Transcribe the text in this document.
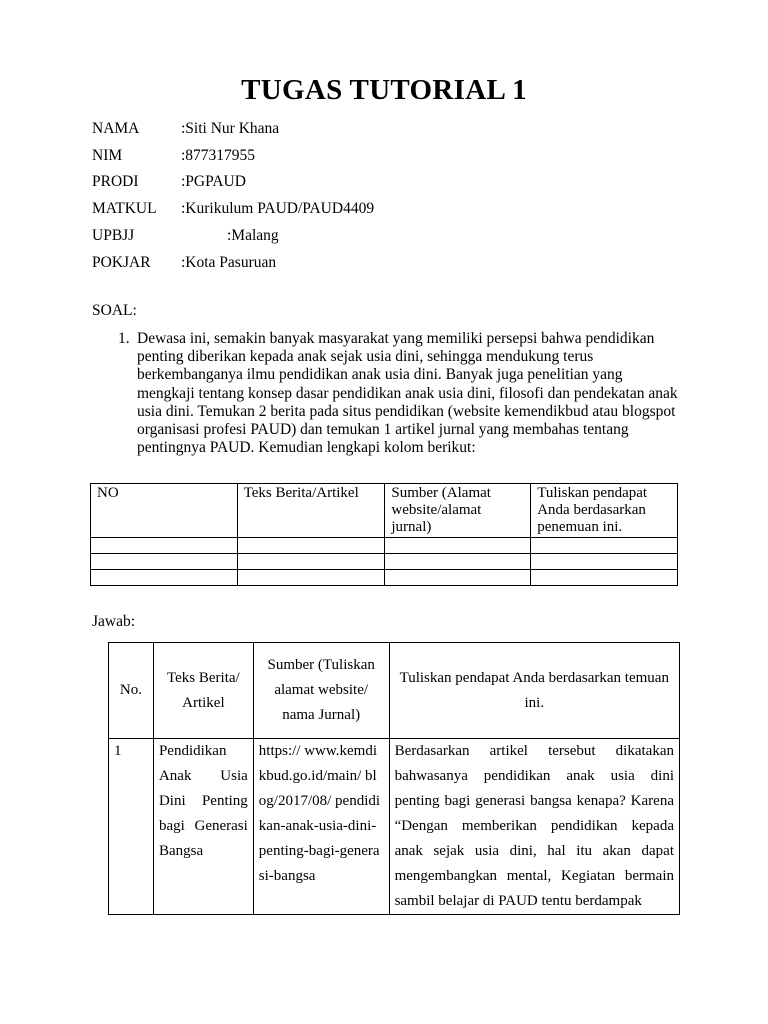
TUGAS TUTORIAL 1
NAMA	:Siti Nur Khana
NIM	:877317955
PRODI	:PGPAUD
MATKUL	:Kurikulum PAUD/PAUD4409
UPBJJ	:Malang
POKJAR	:Kota Pasuruan
SOAL:
1. Dewasa ini, semakin banyak masyarakat yang memiliki persepsi bahwa pendidikan penting diberikan kepada anak sejak usia dini, sehingga mendukung terus berkembanganya ilmu pendidikan anak usia dini. Banyak juga penelitian yang mengkaji tentang konsep dasar pendidikan anak usia dini, filosofi dan pendekatan anak usia dini. Temukan 2 berita pada situs pendidikan (website kemendikbud atau blogspot organisasi profesi PAUD) dan temukan 1 artikel jurnal yang membahas tentang pentingnya PAUD. Kemudian lengkapi kolom berikut:
NO	Teks Berita/Artikel	Sumber (Alamat website/alamat jurnal)	Tuliskan pendapat Anda berdasarkan penemuan ini.

Jawab:
No.	Teks Berita/ Artikel	Sumber (Tuliskan alamat website/ nama Jurnal)	Tuliskan pendapat Anda berdasarkan temuan ini.
1	Pendidikan Anak Usia Dini Penting bagi Generasi Bangsa	https:// www.kemdikbud.go.id/main/ blog/2017/08/ pendidikan-anak-usia-dini-penting-bagi-generasi-bangsa	Berdasarkan artikel tersebut dikatakan bahwasanya pendidikan anak usia dini penting bagi generasi bangsa kenapa? Karena “Dengan memberikan pendidikan kepada anak sejak usia dini, hal itu akan dapat mengembangkan mental, Kegiatan bermain sambil belajar di PAUD tentu berdampak
